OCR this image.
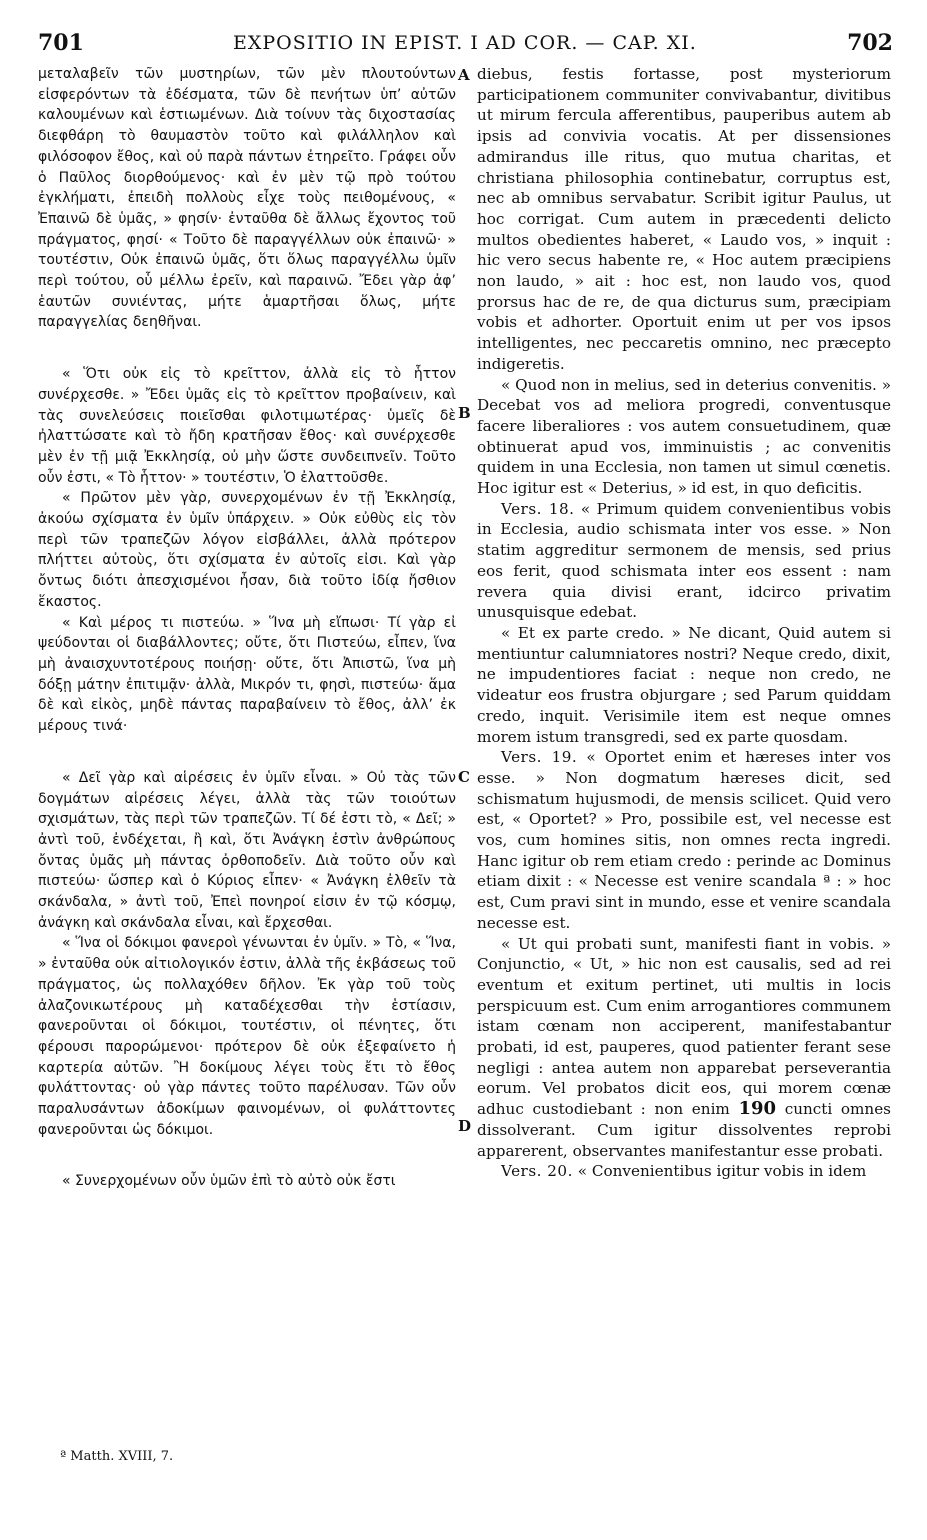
701	EXPOSITIO IN EPIST. I AD COR. — CAP. XI.	702

μεταλαβεῖν τῶν μυστηρίων, τῶν μὲν πλουτούντων εἰσφερόντων τὰ ἐδέσματα, τῶν δὲ πενήτων ὑπ’ αὐτῶν καλουμένων καὶ ἑστιωμένων. Διὰ τοίνυν τὰς διχοστασίας διεφθάρη τὸ θαυμαστὸν τοῦτο καὶ φιλάλληλον καὶ φιλόσοφον ἔθος, καὶ οὐ παρὰ πάντων ἐτηρεῖτο. Γράφει οὖν ὁ Παῦλος διορθούμενος· καὶ ἐν μὲν τῷ πρὸ τούτου ἐγκλήματι, ἐπειδὴ πολλοὺς εἶχε τοὺς πειθομένους, « Ἐπαινῶ δὲ ὑμᾶς, » φησίν· ἐνταῦθα δὲ ἄλλως ἔχοντος τοῦ πράγματος, φησί· « Τοῦτο δὲ παραγγέλλων οὐκ ἐπαινῶ· » τουτέστιν, Οὐκ ἐπαινῶ ὑμᾶς, ὅτι ὅλως παραγγέλλω ὑμῖν περὶ τούτου, οὗ μέλλω ἐρεῖν, καὶ παραινῶ. Ἔδει γὰρ ἀφ’ ἑαυτῶν συνιέντας, μήτε ἁμαρτῆσαι ὅλως, μήτε παραγγελίας δεηθῆναι.

« Ὅτι οὐκ εἰς τὸ κρεῖττον, ἀλλὰ εἰς τὸ ἧττον συνέρχεσθε. » Ἔδει ὑμᾶς εἰς τὸ κρεῖττον προβαίνειν, καὶ τὰς συνελεύσεις ποιεῖσθαι φιλοτιμωτέρας· ὑμεῖς δὲ ἠλαττώσατε καὶ τὸ ἤδη κρατῆσαν ἔθος· καὶ συνέρχεσθε μὲν ἐν τῇ μιᾷ Ἐκκλησίᾳ, οὐ μὴν ὥστε συνδειπνεῖν. Τοῦτο οὖν ἐστι, « Τὸ ἧττον· » τουτέστιν, Ὁ ἐλαττοῦσθε.

« Πρῶτον μὲν γὰρ, συνερχομένων ἐν τῇ Ἐκκλησίᾳ, ἀκούω σχίσματα ἐν ὑμῖν ὑπάρχειν. » Οὐκ εὐθὺς εἰς τὸν περὶ τῶν τραπεζῶν λόγον εἰσβάλλει, ἀλλὰ πρότερον πλήττει αὐτοὺς, ὅτι σχίσματα ἐν αὐτοῖς εἰσι. Καὶ γὰρ ὄντως διότι ἀπεσχισμένοι ἦσαν, διὰ τοῦτο ἰδίᾳ ἤσθιον ἕκαστος.

« Καὶ μέρος τι πιστεύω. » Ἵνα μὴ εἴπωσι· Τί γὰρ εἰ ψεύδονται οἱ διαβάλλοντες; οὔτε, ὅτι Πιστεύω, εἶπεν, ἵνα μὴ ἀναισχυντοτέρους ποιήσῃ· οὔτε, ὅτι Ἀπιστῶ, ἵνα μὴ δόξῃ μάτην ἐπιτιμᾷν· ἀλλὰ, Μικρόν τι, φησὶ, πιστεύω· ἅμα δὲ καὶ εἰκὸς, μηδὲ πάντας παραβαίνειν τὸ ἔθος, ἀλλ’ ἐκ μέρους τινά·

« Δεῖ γὰρ καὶ αἱρέσεις ἐν ὑμῖν εἶναι. » Οὐ τὰς τῶν δογμάτων αἱρέσεις λέγει, ἀλλὰ τὰς τῶν τοιούτων σχισμάτων, τὰς περὶ τῶν τραπεζῶν. Τί δέ ἐστι τὸ, « Δεῖ; » ἀντὶ τοῦ, ἐνδέχεται, ἢ καὶ, ὅτι Ἀνάγκη ἐστὶν ἀνθρώπους ὄντας ὑμᾶς μὴ πάντας ὀρθοποδεῖν. Διὰ τοῦτο οὖν καὶ πιστεύω· ὥσπερ καὶ ὁ Κύριος εἶπεν· « Ἀνάγκη ἐλθεῖν τὰ σκάνδαλα, » ἀντὶ τοῦ, Ἐπεὶ πονηροί εἰσιν ἐν τῷ κόσμῳ, ἀνάγκη καὶ σκάνδαλα εἶναι, καὶ ἔρχεσθαι.

« Ἵνα οἱ δόκιμοι φανεροὶ γένωνται ἐν ὑμῖν. » Τὸ, « Ἵνα, » ἐνταῦθα οὐκ αἰτιολογικόν ἐστιν, ἀλλὰ τῆς ἐκβάσεως τοῦ πράγματος, ὡς πολλαχόθεν δῆλον. Ἐκ γὰρ τοῦ τοὺς ἀλαζονικωτέρους μὴ καταδέχεσθαι τὴν ἑστίασιν, φανεροῦνται οἱ δόκιμοι, τουτέστιν, οἱ πένητες, ὅτι φέρουσι παρορώμενοι· πρότερον δὲ οὐκ ἐξεφαίνετο ἡ καρτερία αὐτῶν. Ἢ δοκίμους λέγει τοὺς ἔτι τὸ ἔθος φυλάττοντας· οὐ γὰρ πάντες τοῦτο παρέλυσαν. Τῶν οὖν παραλυσάντων ἀδοκίμων φαινομένων, οἱ φυλάττοντες φανεροῦνται ὡς δόκιμοι.

« Συνερχομένων οὖν ὑμῶν ἐπὶ τὸ αὐτὸ οὐκ ἔστι

A
B
C
D

diebus, festis fortasse, post mysteriorum participationem communiter convivabantur, divitibus ut mirum fercula afferentibus, pauperibus autem ab ipsis ad convivia vocatis. At per dissensiones admirandus ille ritus, quo mutua charitas, et christiana philosophia continebatur, corruptus est, nec ab omnibus servabatur. Scribit igitur Paulus, ut hoc corrigat. Cum autem in præcedenti delicto multos obedientes haberet, « Laudo vos, » inquit : hic vero secus habente re, « Hoc autem præcipiens non laudo, » ait : hoc est, non laudo vos, quod prorsus hac de re, de qua dicturus sum, præcipiam vobis et adhorter. Oportuit enim ut per vos ipsos intelligentes, nec peccaretis omnino, nec præcepto indigeretis.

« Quod non in melius, sed in deterius convenitis. » Decebat vos ad meliora progredi, conventusque facere liberaliores : vos autem consuetudinem, quæ obtinuerat apud vos, imminuistis ; ac convenitis quidem in una Ecclesia, non tamen ut simul cœnetis. Hoc igitur est « Deterius, » id est, in quo deficitis.

Vers. 18. « Primum quidem convenientibus vobis in Ecclesia, audio schismata inter vos esse. » Non statim aggreditur sermonem de mensis, sed prius eos ferit, quod schismata inter eos essent : nam revera quia divisi erant, idcirco privatim unusquisque edebat.

« Et ex parte credo. » Ne dicant, Quid autem si mentiuntur calumniatores nostri? Neque credo, dixit, ne impudentiores faciat : neque non credo, ne videatur eos frustra objurgare ; sed Parum quiddam credo, inquit. Verisimile item est neque omnes morem istum transgredi, sed ex parte quosdam.

Vers. 19. « Oportet enim et hæreses inter vos esse. » Non dogmatum hæreses dicit, sed schismatum hujusmodi, de mensis scilicet. Quid vero est, « Oportet? » Pro, possibile est, vel necesse est vos, cum homines sitis, non omnes recta ingredi. Hanc igitur ob rem etiam credo : perinde ac Dominus etiam dixit : « Necesse est venire scandala ª : » hoc est, Cum pravi sint in mundo, esse et venire scandala necesse est.

« Ut qui probati sunt, manifesti fiant in vobis. » Conjunctio, « Ut, » hic non est causalis, sed ad rei eventum et exitum pertinet, uti multis in locis perspicuum est. Cum enim arrogantiores communem istam cœnam non acciperent, manifestabantur probati, id est, pauperes, quod patienter ferant sese negligi : antea autem non apparebat perseverantia eorum. Vel probatos dicit eos, qui morem cœnæ adhuc custodiebant : non enim 190 cuncti omnes dissolverant. Cum igitur dissolventes reprobi apparerent, observantes manifestantur esse probati.

Vers. 20. « Convenientibus igitur vobis in idem

ª Matth. XVIII, 7.
